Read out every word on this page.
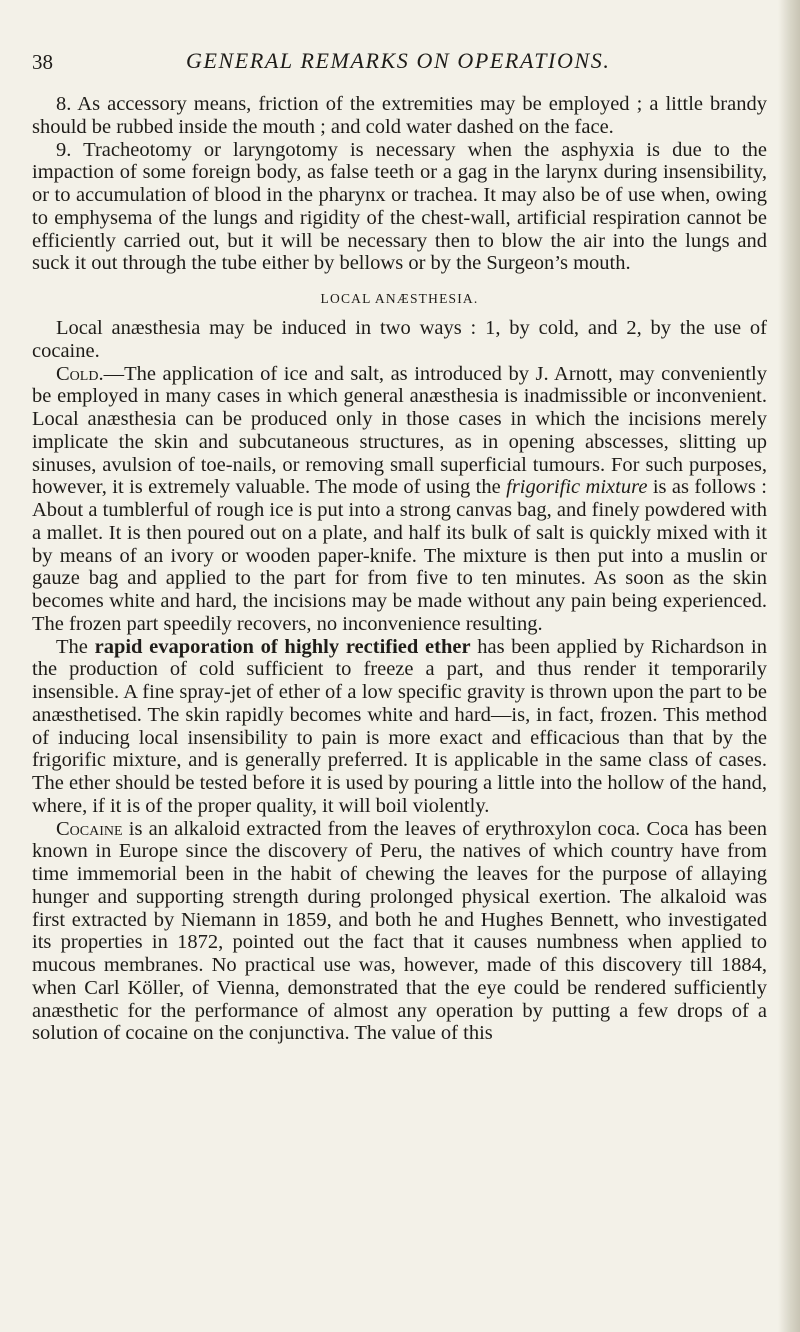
38	GENERAL REMARKS ON OPERATIONS.

8. As accessory means, friction of the extremities may be employed ; a little brandy should be rubbed inside the mouth ; and cold water dashed on the face.

9. Tracheotomy or laryngotomy is necessary when the asphyxia is due to the impaction of some foreign body, as false teeth or a gag in the larynx during insensibility, or to accumulation of blood in the pharynx or trachea. It may also be of use when, owing to emphysema of the lungs and rigidity of the chest-wall, artificial respiration cannot be efficiently carried out, but it will be necessary then to blow the air into the lungs and suck it out through the tube either by bellows or by the Surgeon’s mouth.

LOCAL ANÆSTHESIA.

Local anæsthesia may be induced in two ways : 1, by cold, and 2, by the use of cocaine.

Cold.—The application of ice and salt, as introduced by J. Arnott, may conveniently be employed in many cases in which general anæsthesia is inadmissible or inconvenient. Local anæsthesia can be produced only in those cases in which the incisions merely implicate the skin and subcutaneous structures, as in opening abscesses, slitting up sinuses, avulsion of toe-nails, or removing small superficial tumours. For such purposes, however, it is extremely valuable. The mode of using the frigorific mixture is as follows : About a tumblerful of rough ice is put into a strong canvas bag, and finely powdered with a mallet. It is then poured out on a plate, and half its bulk of salt is quickly mixed with it by means of an ivory or wooden paper-knife. The mixture is then put into a muslin or gauze bag and applied to the part for from five to ten minutes. As soon as the skin becomes white and hard, the incisions may be made without any pain being experienced. The frozen part speedily recovers, no inconvenience resulting.

The rapid evaporation of highly rectified ether has been applied by Richardson in the production of cold sufficient to freeze a part, and thus render it temporarily insensible. A fine spray-jet of ether of a low specific gravity is thrown upon the part to be anæsthetised. The skin rapidly becomes white and hard—is, in fact, frozen. This method of inducing local insensibility to pain is more exact and efficacious than that by the frigorific mixture, and is generally preferred. It is applicable in the same class of cases. The ether should be tested before it is used by pouring a little into the hollow of the hand, where, if it is of the proper quality, it will boil violently.

Cocaine is an alkaloid extracted from the leaves of erythroxylon coca. Coca has been known in Europe since the discovery of Peru, the natives of which country have from time immemorial been in the habit of chewing the leaves for the purpose of allaying hunger and supporting strength during prolonged physical exertion. The alkaloid was first extracted by Niemann in 1859, and both he and Hughes Bennett, who investigated its properties in 1872, pointed out the fact that it causes numbness when applied to mucous membranes. No practical use was, however, made of this discovery till 1884, when Carl Köller, of Vienna, demonstrated that the eye could be rendered sufficiently anæsthetic for the performance of almost any operation by putting a few drops of a solution of cocaine on the conjunctiva. The value of this
